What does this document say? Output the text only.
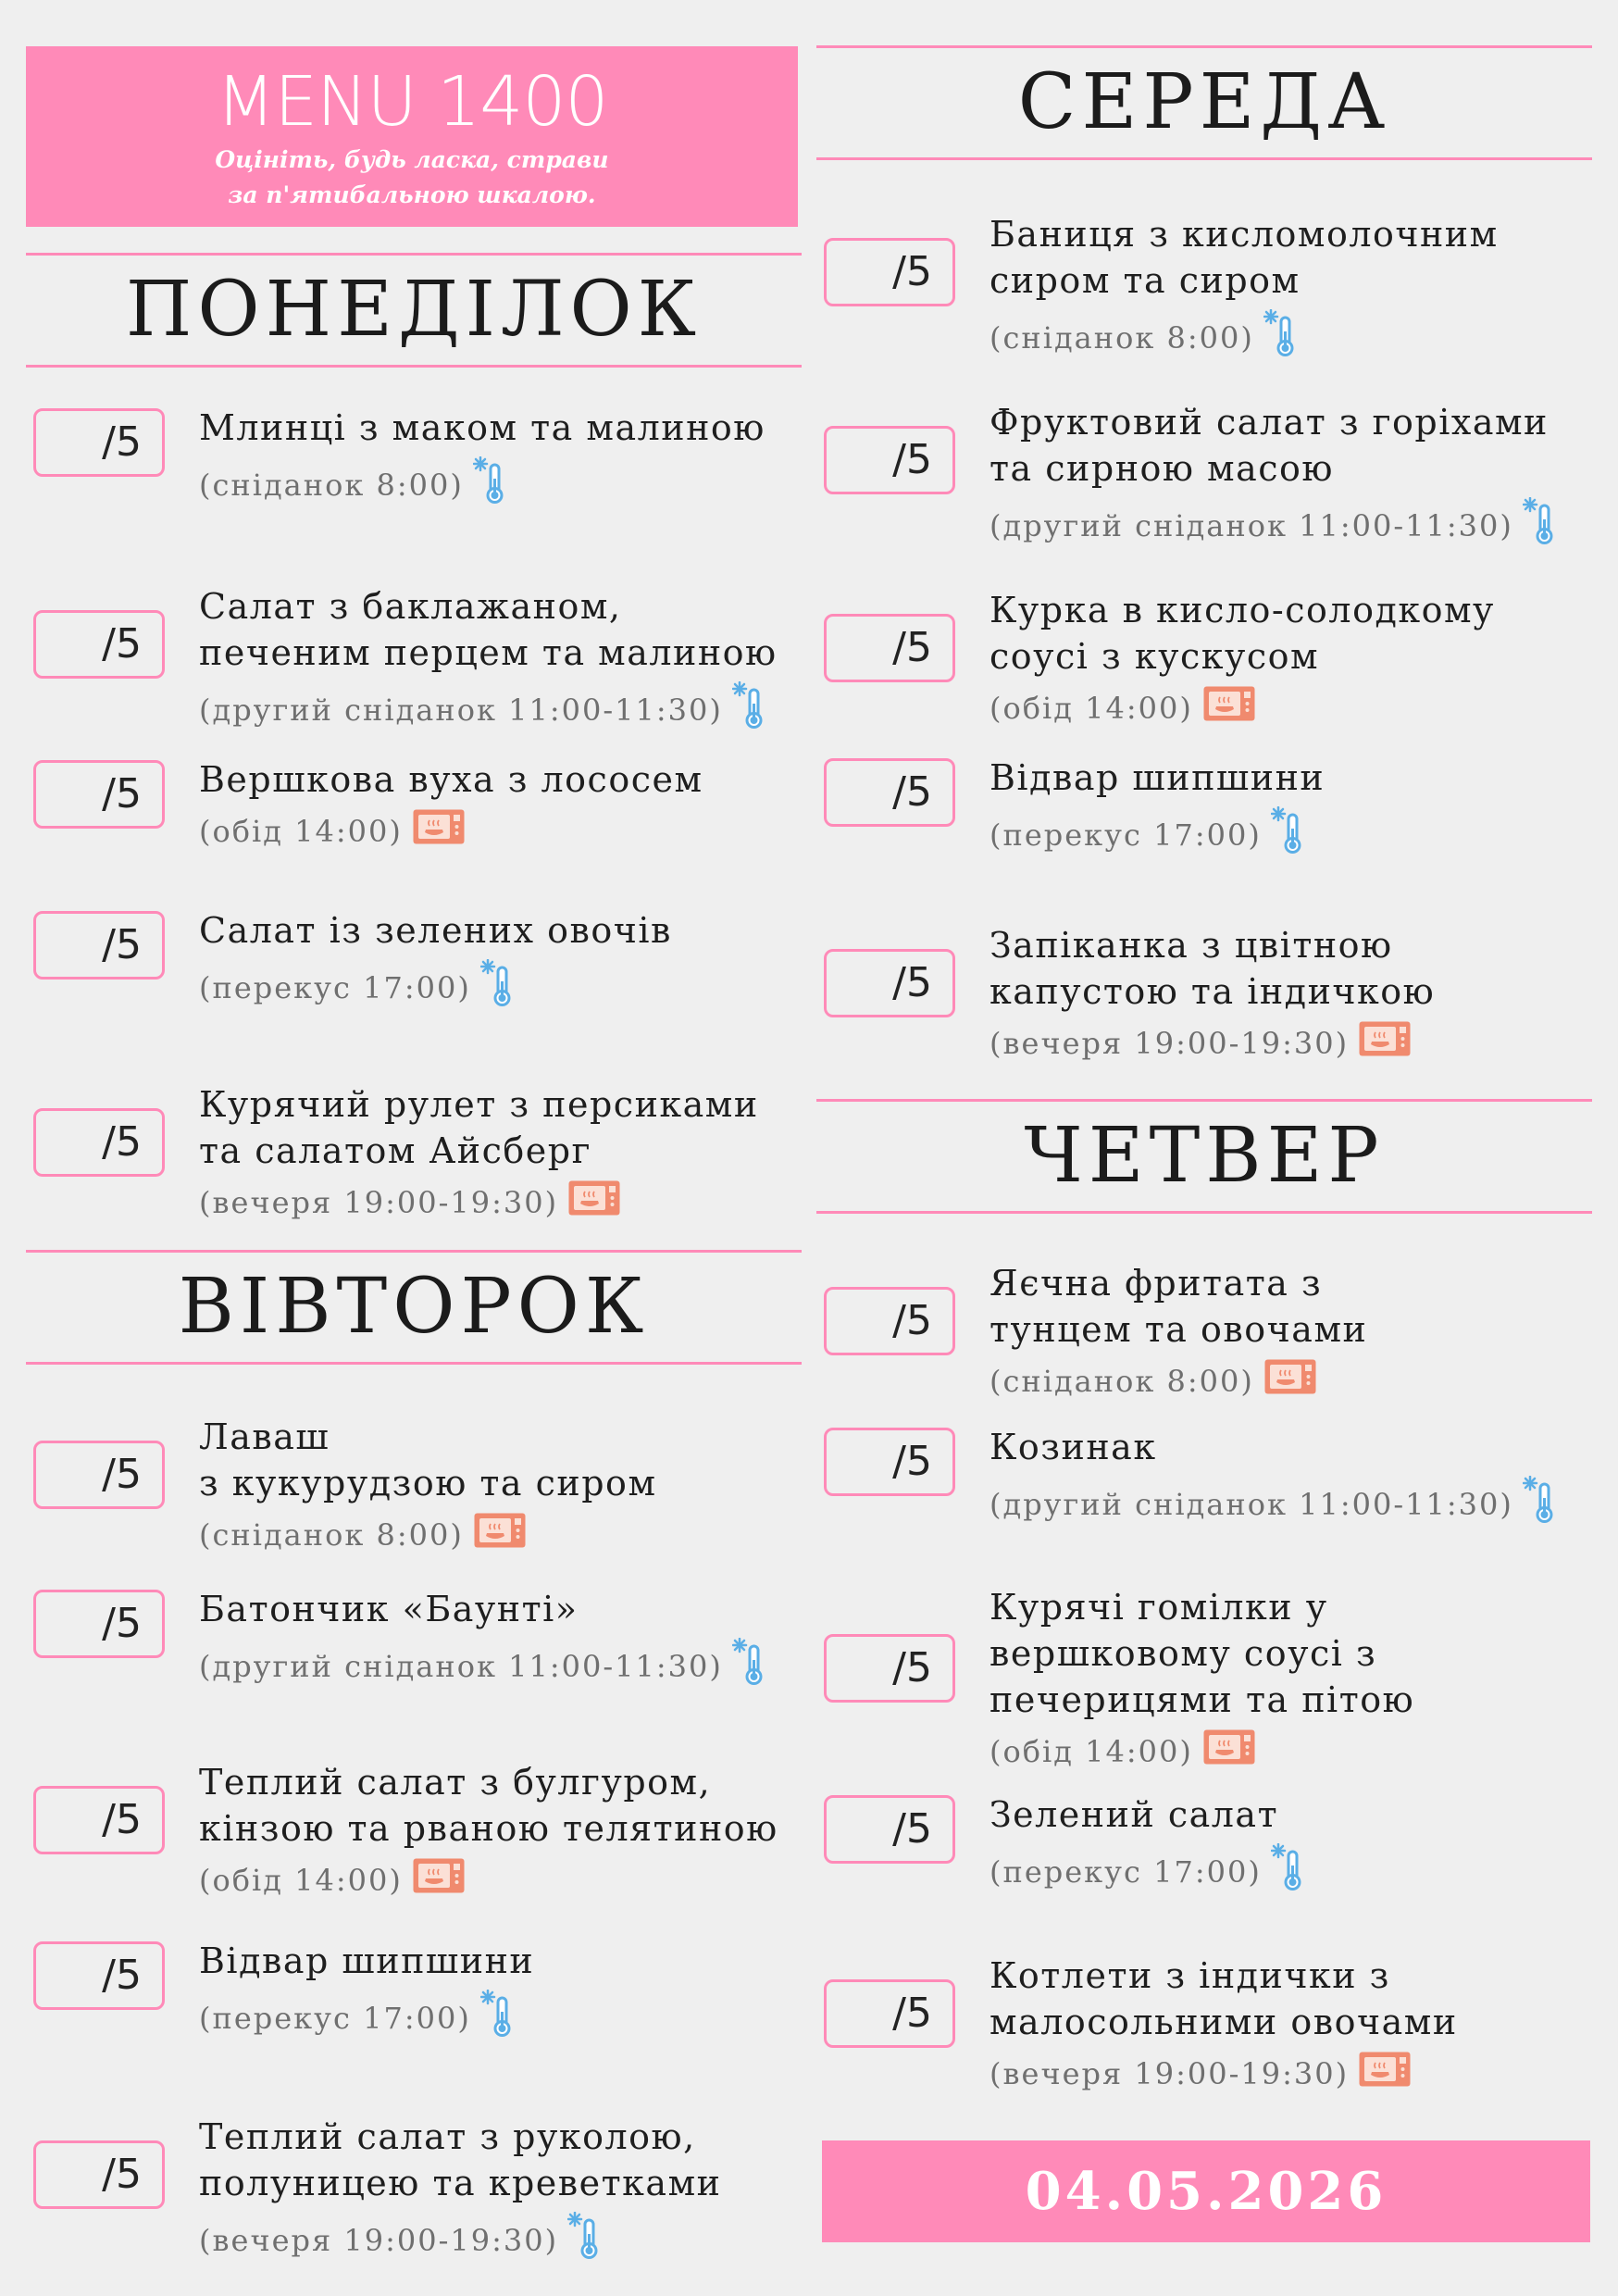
MENU 1400
Оцініть, будь ласка, страви
за п'ятибальною шкалою.
ПОНЕДІЛОК
/5 Млинці з маком та малиною
(сніданок 8:00)
/5
Салат з баклажаном,
печеним перцем та малиною
(другий сніданок 11:00-11:30)
/5 Вершкова вуха з лососем
(обід 14:00)
/5 Салат із зелених овочів
(перекус 17:00)
/5
Курячий рулет з персиками
та салатом Айсберг
(вечеря 19:00-19:30)
ВІВТОРОК
/5
Лаваш
з кукурудзою та сиром
(сніданок 8:00)
/5 Батончик «Баунті»
(другий сніданок 11:00-11:30)
/5
Теплий салат з булгуром,
кінзою та рваною телятиною
(обід 14:00)
/5 Відвар шипшини
(перекус 17:00)
/5
Теплий салат з руколою,
полуницею та креветками
(вечеря 19:00-19:30)
СЕРЕДА
/5
Баниця з кисломолочним
сиром та сиром
(сніданок 8:00)
/5
Фруктовий салат з горіхами
та сирною масою
(другий сніданок 11:00-11:30)
/5
Курка в кисло-солодкому
соусі з кускусом
(обід 14:00)
/5 Відвар шипшини
(перекус 17:00)
/5
Запіканка з цвітною
капустою та індичкою
(вечеря 19:00-19:30)
ЧЕТВЕР
/5
Яєчна фритата з
тунцем та овочами
(сніданок 8:00)
/5 Козинак
(другий сніданок 11:00-11:30)
/5
Курячі гомілки у
вершковому соусі з
печерицями та пітою
(обід 14:00)
/5 Зелений салат
(перекус 17:00)
/5
Котлети з індички з
малосольними овочами
(вечеря 19:00-19:30)
04.05.2026
